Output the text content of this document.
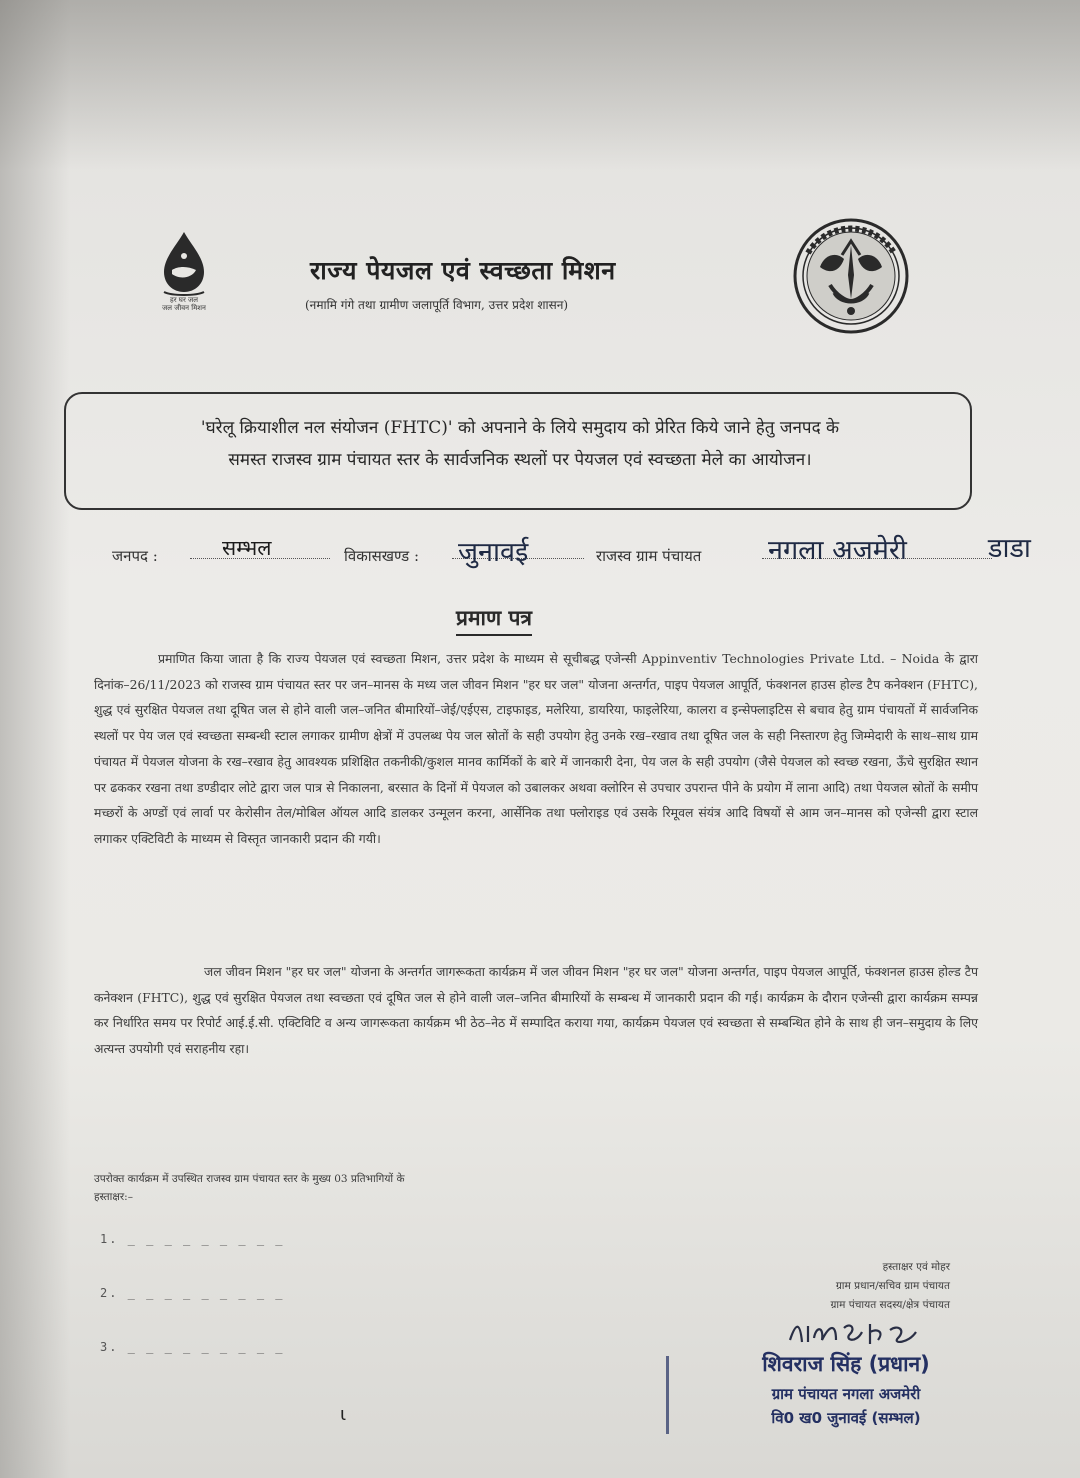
हर घर जल
जल जीवन मिशन
राज्य पेयजल एवं स्वच्छता मिशन
(नमामि गंगे तथा ग्रामीण जलापूर्ति विभाग, उत्तर प्रदेश शासन)
'घरेलू क्रियाशील नल संयोजन (FHTC)' को अपनाने के लिये समुदाय को प्रेरित किये जाने हेतु जनपद के
समस्त राजस्व ग्राम पंचायत स्तर के सार्वजनिक स्थलों पर पेयजल एवं स्वच्छता मेले का आयोजन।
जनपद :	सम्भल	विकासखण्ड : जुनावई	राजस्व ग्राम पंचायत नगला अजमेरी	डाडा
प्रमाण पत्र
प्रमाणित किया जाता है कि राज्य पेयजल एवं स्वच्छता मिशन, उत्तर प्रदेश के माध्यम से सूचीबद्ध एजेन्सी Appinventiv Technologies Private Ltd. – Noida के द्वारा दिनांक–26/11/2023 को राजस्व ग्राम पंचायत स्तर पर जन–मानस के मध्य जल जीवन मिशन "हर घर जल" योजना अन्तर्गत, पाइप पेयजल आपूर्ति, फंक्शनल हाउस होल्ड टैप कनेक्शन (FHTC), शुद्ध एवं सुरक्षित पेयजल तथा दूषित जल से होने वाली जल–जनित बीमारियों–जेई/एईएस, टाइफाइड, मलेरिया, डायरिया, फाइलेरिया, कालरा व इन्सेफ्लाइटिस से बचाव हेतु ग्राम पंचायतों में सार्वजनिक स्थलों पर पेय जल एवं स्वच्छता सम्बन्धी स्टाल लगाकर ग्रामीण क्षेत्रों में उपलब्ध पेय जल स्रोतों के सही उपयोग हेतु उनके रख–रखाव तथा दूषित जल के सही निस्तारण हेतु जिम्मेदारी के साथ–साथ ग्राम पंचायत में पेयजल योजना के रख–रखाव हेतु आवश्यक प्रशिक्षित तकनीकी/कुशल मानव कार्मिकों के बारे में जानकारी देना, पेय जल के सही उपयोग (जैसे पेयजल को स्वच्छ रखना, ऊँचे सुरक्षित स्थान पर ढककर रखना तथा डण्डीदार लोटे द्वारा जल पात्र से निकालना, बरसात के दिनों में पेयजल को उबालकर अथवा क्लोरिन से उपचार उपरान्त पीने के प्रयोग में लाना आदि) तथा पेयजल स्रोतों के समीप मच्छरों के अण्डों एवं लार्वा पर केरोसीन तेल/मोबिल ऑयल आदि डालकर उन्मूलन करना, आर्सेनिक तथा फ्लोराइड एवं उसके रिमूवल संयंत्र आदि विषयों से आम जन–मानस को एजेन्सी द्वारा स्टाल लगाकर एक्टिविटी के माध्यम से विस्तृत जानकारी प्रदान की गयी।
जल जीवन मिशन "हर घर जल" योजना के अन्तर्गत जागरूकता कार्यक्रम में जल जीवन मिशन "हर घर जल" योजना अन्तर्गत, पाइप पेयजल आपूर्ति, फंक्शनल हाउस होल्ड टैप कनेक्शन (FHTC), शुद्ध एवं सुरक्षित पेयजल तथा स्वच्छता एवं दूषित जल से होने वाली जल–जनित बीमारियों के सम्बन्ध में जानकारी प्रदान की गई। कार्यक्रम के दौरान एजेन्सी द्वारा कार्यक्रम सम्पन्न कर निर्धारित समय पर रिपोर्ट आई.ई.सी. एक्टिविटि व अन्य जागरूकता कार्यक्रम भी ठेठ–नेठ में सम्पादित कराया गया, कार्यक्रम पेयजल एवं स्वच्छता से सम्बन्धित होने के साथ ही जन–समुदाय के लिए अत्यन्त उपयोगी एवं सराहनीय रहा।
उपरोक्त कार्यक्रम में उपस्थित राजस्व ग्राम पंचायत स्तर के मुख्य 03 प्रतिभागियों के
हस्ताक्षर:–
1. _ _ _ _ _ _ _ _ _
2. _ _ _ _ _ _ _ _ _
3. _ _ _ _ _ _ _ _ _
हस्ताक्षर एवं मोहर
ग्राम प्रधान/सचिव ग्राम पंचायत
ग्राम पंचायत सदस्य/क्षेत्र पंचायत
शिवराज सिंह (प्रधान)
ग्राम पंचायत नगला अजमेरी
वि0 ख0 जुनावई (सम्भल)
ɩ
